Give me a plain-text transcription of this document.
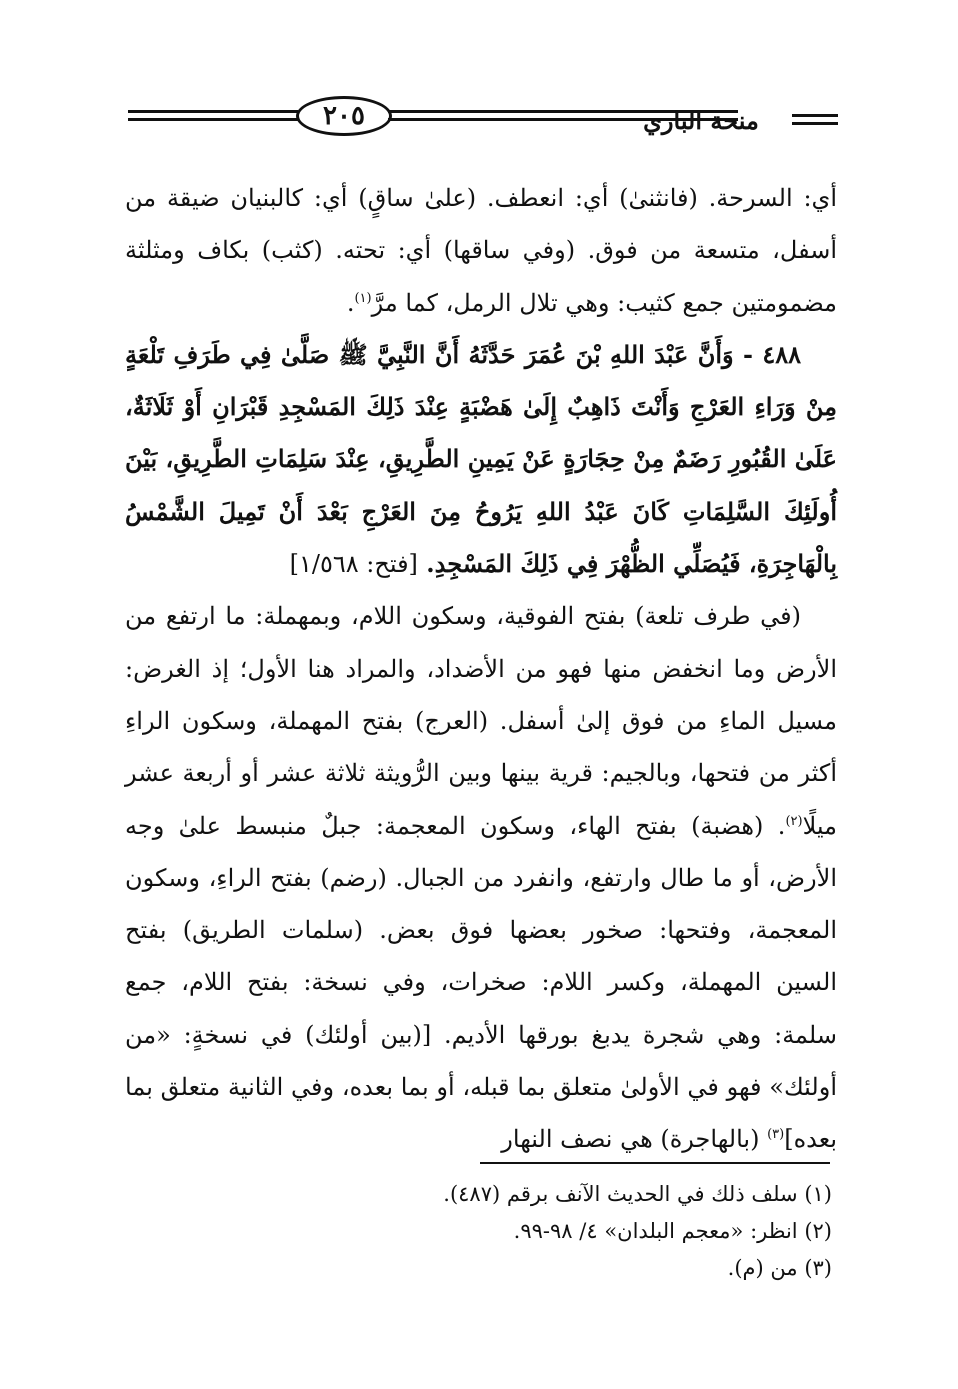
٢٠٥	منحة الباري

أي: السرحة. (فانثنىٰ) أي: انعطف. (علىٰ ساقٍ) أي: كالبنيان ضيقة من أسفل، متسعة من فوق. (وفي ساقها) أي: تحته. (كثب) بكاف ومثلثة مضمومتين جمع كثيب: وهي تلال الرمل، كما مرَّ$^{(١)}$.

٤٨٨ - وَأَنَّ عَبْدَ اللهِ بْنَ عُمَرَ حَدَّثَهُ أَنَّ النَّبِيَّ ﷺ صَلَّىٰ فِي طَرَفِ تَلْعَةٍ مِنْ وَرَاءِ العَرْجِ وَأَنْتَ ذَاهِبٌ إِلَىٰ هَضْبَةٍ عِنْدَ ذَلِكَ المَسْجِدِ قَبْرَانِ أَوْ ثَلَاثَةٌ، عَلَىٰ القُبُورِ رَضَمٌ مِنْ حِجَارَةٍ عَنْ يَمِينِ الطَّرِيقِ، عِنْدَ سَلِمَاتِ الطَّرِيقِ، بَيْنَ أُولَئِكَ السَّلِمَاتِ كَانَ عَبْدُ اللهِ يَرُوحُ مِنَ العَرْجِ بَعْدَ أَنْ تَمِيلَ الشَّمْسُ بِالْهَاجِرَةِ، فَيُصَلِّي الظُّهْرَ فِي ذَلِكَ المَسْجِدِ. [فتح: ١/٥٦٨]

(في طرف تلعة) بفتح الفوقية، وسكون اللام، وبمهملة: ما ارتفع من الأرض وما انخفض منها فهو من الأضداد، والمراد هنا الأول؛ إذ الغرض: مسيل الماءِ من فوق إلىٰ أسفل. (العرج) بفتح المهملة، وسكون الراءِ أكثر من فتحها، وبالجيم: قرية بينها وبين الرُّويثة ثلاثة عشر أو أربعة عشر ميلًا$^{(٢)}$. (هضبة) بفتح الهاء، وسكون المعجمة: جبلٌ منبسط علىٰ وجه الأرض، أو ما طال وارتفع، وانفرد من الجبال. (رضم) بفتح الراءِ، وسكون المعجمة، وفتحها: صخور بعضها فوق بعض. (سلمات الطريق) بفتح السين المهملة، وكسر اللام: صخرات، وفي نسخة: بفتح اللام، جمع سلمة: وهي شجرة يدبغ بورقها الأديم. [(بين أولئك) في نسخةٍ: «من أولئك» فهو في الأولىٰ متعلق بما قبله، أو بما بعده، وفي الثانية متعلق بما بعده]$^{(٣)}$ (بالهاجرة) هي نصف النهار

(١) سلف ذلك في الحديث الآنف برقم (٤٨٧).

(٢) انظر: «معجم البلدان» ٤/ ٩٨-٩٩.

(٣) من (م).
